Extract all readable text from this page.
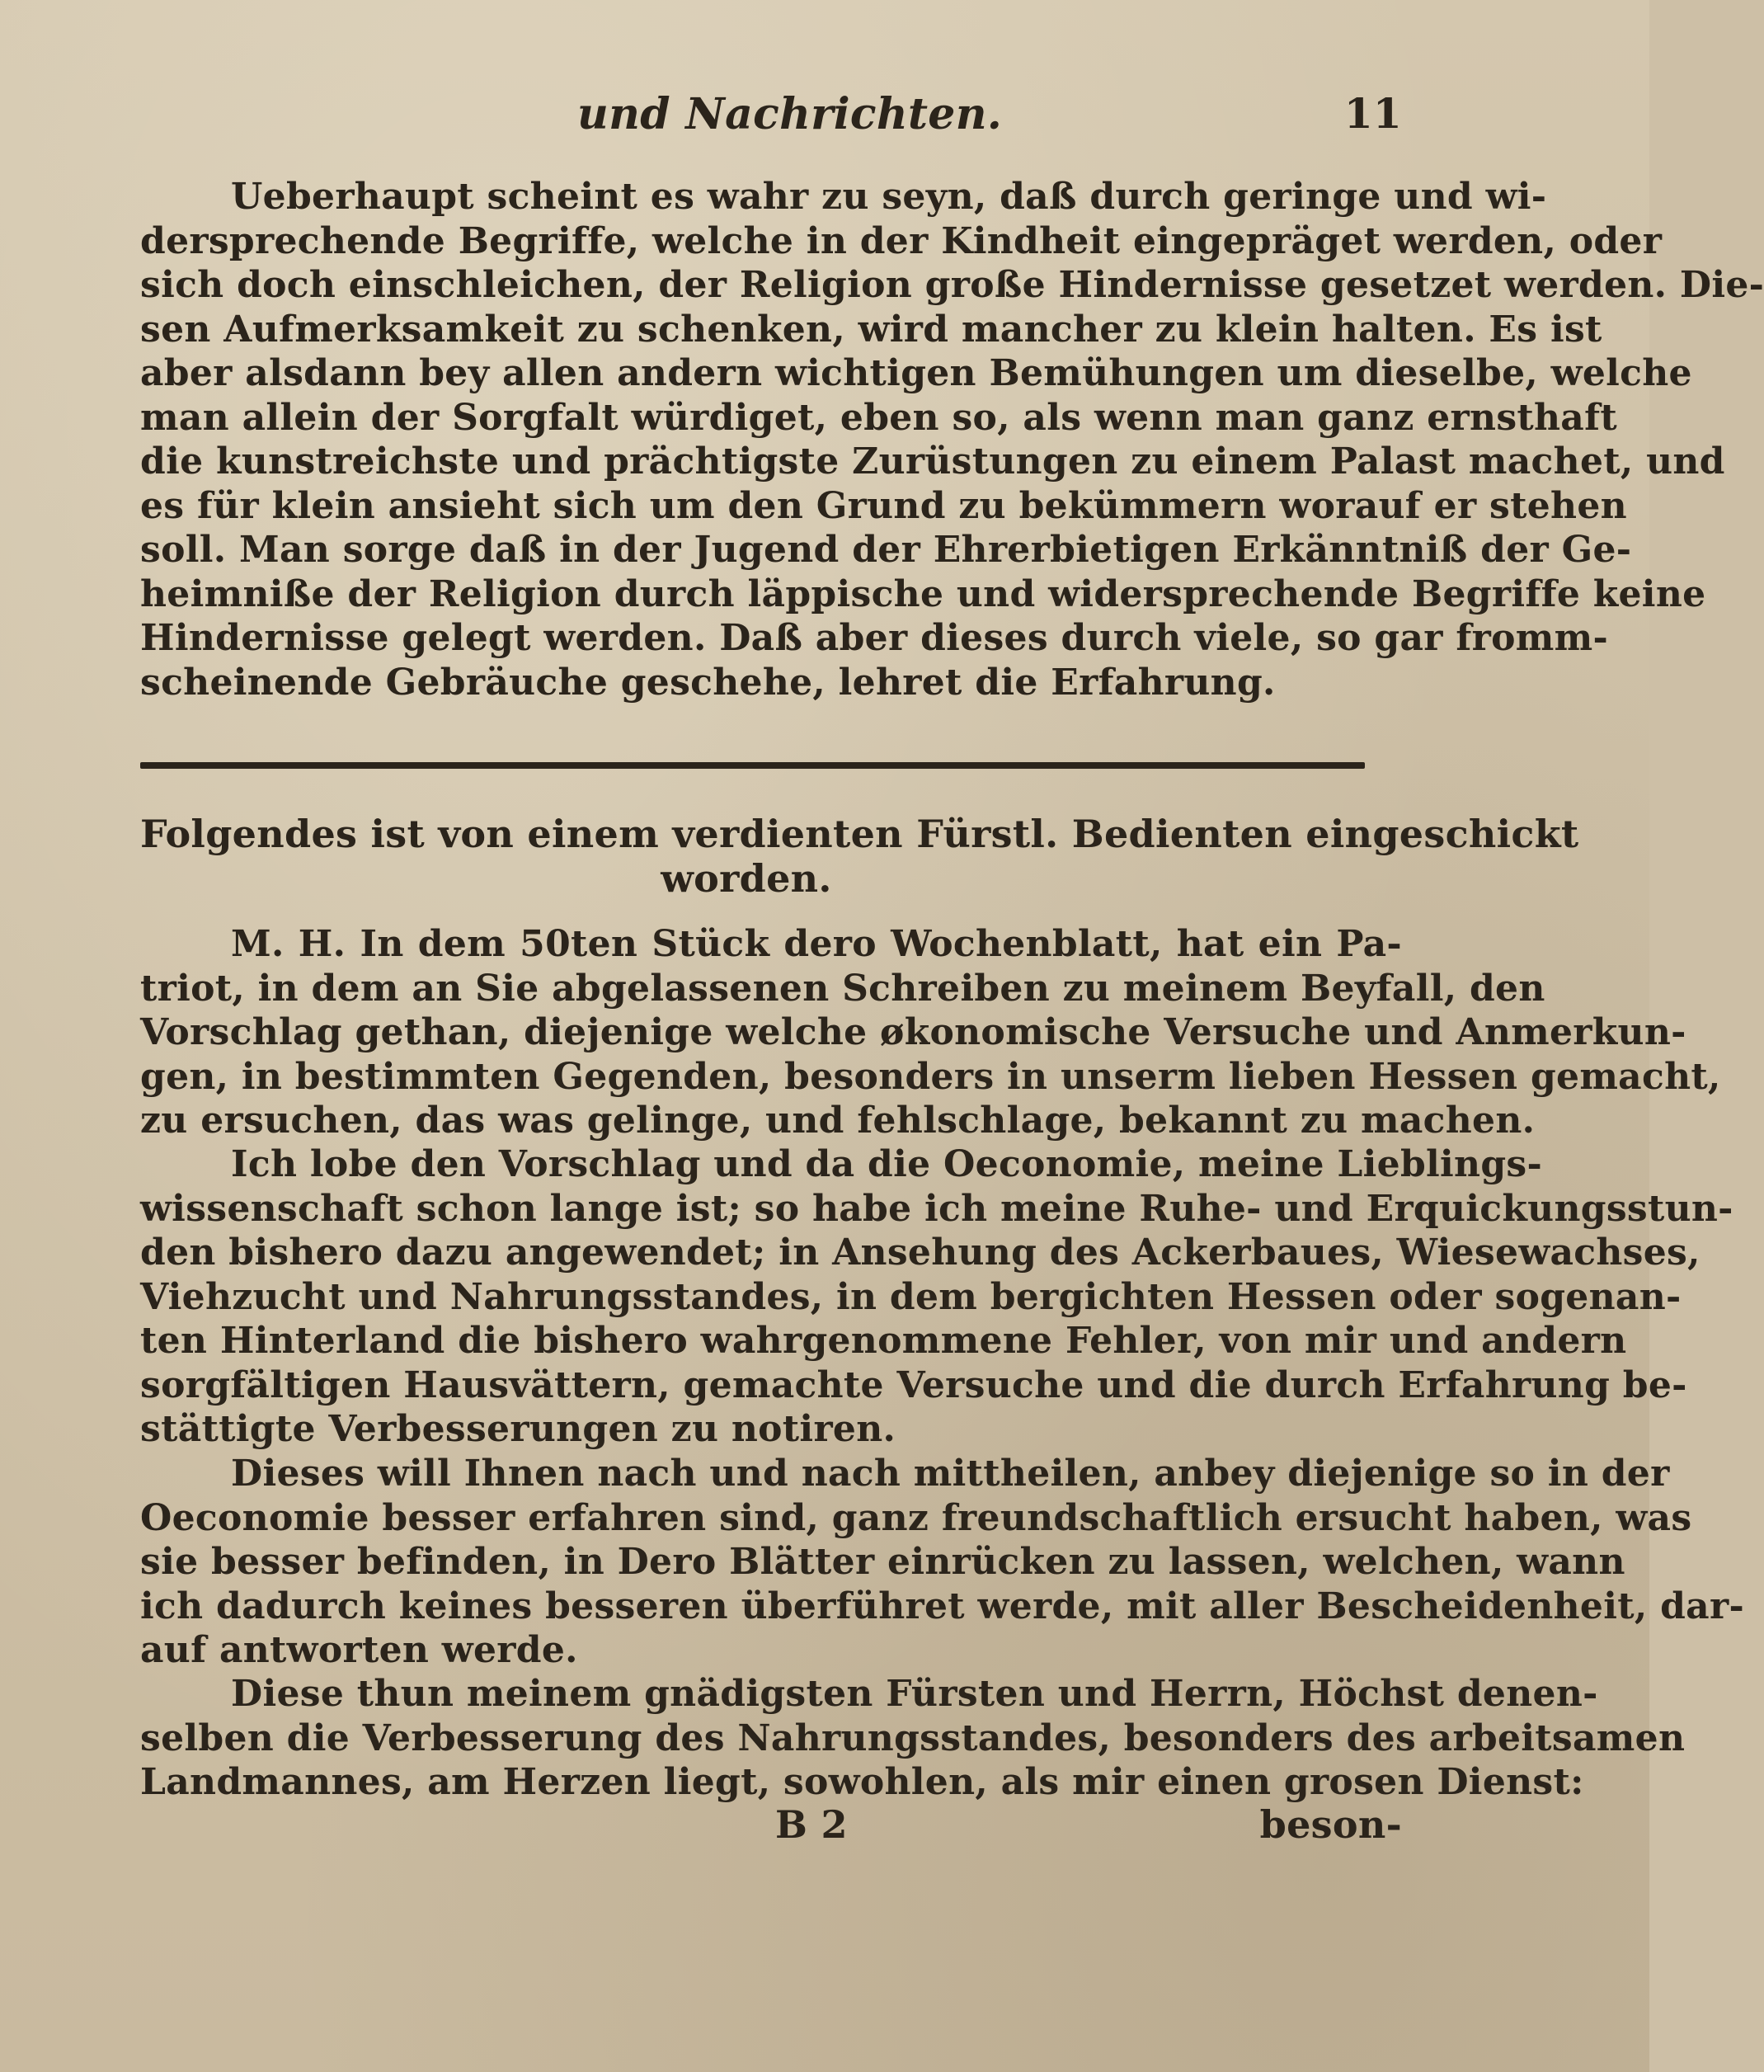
und Nachrichten.	11
Ueberhaupt scheint es wahr zu seyn, daß durch geringe und wi-
dersprechende Begriffe, welche in der Kindheit eingepräget werden, oder
sich doch einschleichen, der Religion große Hindernisse gesetzet werden. Die-
sen Aufmerksamkeit zu schenken, wird mancher zu klein halten. Es ist
aber alsdann bey allen andern wichtigen Bemühungen um dieselbe, welche
man allein der Sorgfalt würdiget, eben so, als wenn man ganz ernsthaft
die kunstreichste und prächtigste Zurüstungen zu einem Palast machet, und
es für klein ansieht sich um den Grund zu bekümmern worauf er stehen
soll. Man sorge daß in der Jugend der Ehrerbietigen Erkänntniß der Ge-
heimniße der Religion durch läppische und widersprechende Begriffe keine
Hindernisse gelegt werden. Daß aber dieses durch viele, so gar fromm-
scheinende Gebräuche geschehe, lehret die Erfahrung.
Folgendes ist von einem verdienten Fürstl. Bedienten eingeschickt
worden.
M. H. In dem 50ten Stück dero Wochenblatt, hat ein Pa-
triot, in dem an Sie abgelassenen Schreiben zu meinem Beyfall, den
Vorschlag gethan, diejenige welche økonomische Versuche und Anmerkun-
gen, in bestimmten Gegenden, besonders in unserm lieben Hessen gemacht,
zu ersuchen, das was gelinge, und fehlschlage, bekannt zu machen.
Ich lobe den Vorschlag und da die Oeconomie, meine Lieblings-
wissenschaft schon lange ist; so habe ich meine Ruhe- und Erquickungsstun-
den bishero dazu angewendet; in Ansehung des Ackerbaues, Wiesewachses,
Viehzucht und Nahrungsstandes, in dem bergichten Hessen oder sogenan-
ten Hinterland die bishero wahrgenommene Fehler, von mir und andern
sorgfältigen Hausvättern, gemachte Versuche und die durch Erfahrung be-
stättigte Verbesserungen zu notiren.
Dieses will Ihnen nach und nach mittheilen, anbey diejenige so in der
Oeconomie besser erfahren sind, ganz freundschaftlich ersucht haben, was
sie besser befinden, in Dero Blätter einrücken zu lassen, welchen, wann
ich dadurch keines besseren überführet werde, mit aller Bescheidenheit, dar-
auf antworten werde.
Diese thun meinem gnädigsten Fürsten und Herrn, Höchst denen-
selben die Verbesserung des Nahrungsstandes, besonders des arbeitsamen
Landmannes, am Herzen liegt, sowohlen, als mir einen grosen Dienst:
B 2	beson-
